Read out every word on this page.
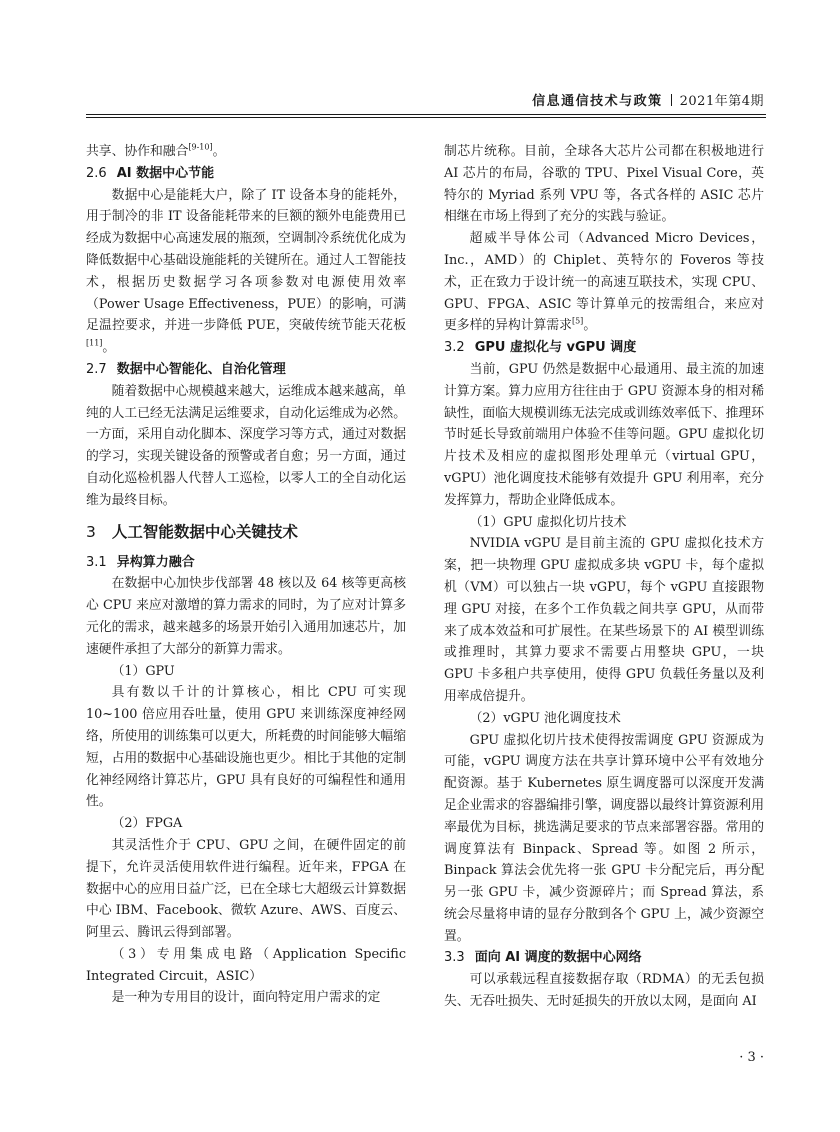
信息通信技术与政策 2021年第4期

共享、协作和融合[9-10]。

2.6 AI 数据中心节能

数据中心是能耗大户，除了 IT 设备本身的能耗外，用于制冷的非 IT 设备能耗带来的巨额的额外电能费用已经成为数据中心高速发展的瓶颈，空调制冷系统优化成为降低数据中心基础设施能耗的关键所在。通过人工智能技术，根据历史数据学习各项参数对电源使用效率（Power Usage Effectiveness，PUE）的影响，可满足温控要求，并进一步降低 PUE，突破传统节能天花板[11]。

2.7 数据中心智能化、自治化管理

随着数据中心规模越来越大，运维成本越来越高，单纯的人工已经无法满足运维要求，自动化运维成为必然。一方面，采用自动化脚本、深度学习等方式，通过对数据的学习，实现关键设备的预警或者自愈；另一方面，通过自动化巡检机器人代替人工巡检，以零人工的全自动化运维为最终目标。

3 人工智能数据中心关键技术
3.1 异构算力融合

在数据中心加快步伐部署 48 核以及 64 核等更高核心 CPU 来应对激增的算力需求的同时，为了应对计算多元化的需求，越来越多的场景开始引入通用加速芯片，加速硬件承担了大部分的新算力需求。

（1）GPU

具有数以千计的计算核心，相比 CPU 可实现 10~100 倍应用吞吐量，使用 GPU 来训练深度神经网络，所使用的训练集可以更大，所耗费的时间能够大幅缩短，占用的数据中心基础设施也更少。相比于其他的定制化神经网络计算芯片，GPU 具有良好的可编程性和通用性。

（2）FPGA

其灵活性介于 CPU、GPU 之间，在硬件固定的前提下，允许灵活使用软件进行编程。近年来，FPGA 在数据中心的应用日益广泛，已在全球七大超级云计算数据中心 IBM、Facebook、微软 Azure、AWS、百度云、阿里云、腾讯云得到部署。

（3）专用集成电路（Application Specific Integrated Circuit，ASIC）

是一种为专用目的设计，面向特定用户需求的定

制芯片统称。目前，全球各大芯片公司都在积极地进行 AI 芯片的布局，谷歌的 TPU、Pixel Visual Core，英特尔的 Myriad 系列 VPU 等，各式各样的 ASIC 芯片相继在市场上得到了充分的实践与验证。

超威半导体公司（Advanced Micro Devices，Inc.，AMD）的 Chiplet、英特尔的 Foveros 等技术，正在致力于设计统一的高速互联技术，实现 CPU、GPU、FPGA、ASIC 等计算单元的按需组合，来应对更多样的异构计算需求[5]。

3.2 GPU 虚拟化与 vGPU 调度

当前，GPU 仍然是数据中心最通用、最主流的加速计算方案。算力应用方往往由于 GPU 资源本身的相对稀缺性，面临大规模训练无法完成或训练效率低下、推理环节时延长导致前端用户体验不佳等问题。GPU 虚拟化切片技术及相应的虚拟图形处理单元（virtual GPU，vGPU）池化调度技术能够有效提升 GPU 利用率，充分发挥算力，帮助企业降低成本。

（1）GPU 虚拟化切片技术

NVIDIA vGPU 是目前主流的 GPU 虚拟化技术方案，把一块物理 GPU 虚拟成多块 vGPU 卡，每个虚拟机（VM）可以独占一块 vGPU，每个 vGPU 直接跟物理 GPU 对接，在多个工作负载之间共享 GPU，从而带来了成本效益和可扩展性。在某些场景下的 AI 模型训练或推理时，其算力要求不需要占用整块 GPU，一块 GPU 卡多租户共享使用，使得 GPU 负载任务量以及利用率成倍提升。

（2）vGPU 池化调度技术

GPU 虚拟化切片技术使得按需调度 GPU 资源成为可能，vGPU 调度方法在共享计算环境中公平有效地分配资源。基于 Kubernetes 原生调度器可以深度开发满足企业需求的容器编排引擎，调度器以最终计算资源利用率最优为目标，挑选满足要求的节点来部署容器。常用的调度算法有 Binpack、Spread 等。如图 2 所示，Binpack 算法会优先将一张 GPU 卡分配完后，再分配另一张 GPU 卡，减少资源碎片；而 Spread 算法，系统会尽量将申请的显存分散到各个 GPU 上，减少资源空置。

3.3 面向 AI 调度的数据中心网络

可以承载远程直接数据存取（RDMA）的无丢包损失、无吞吐损失、无时延损失的开放以太网，是面向 AI

· 3 ·
